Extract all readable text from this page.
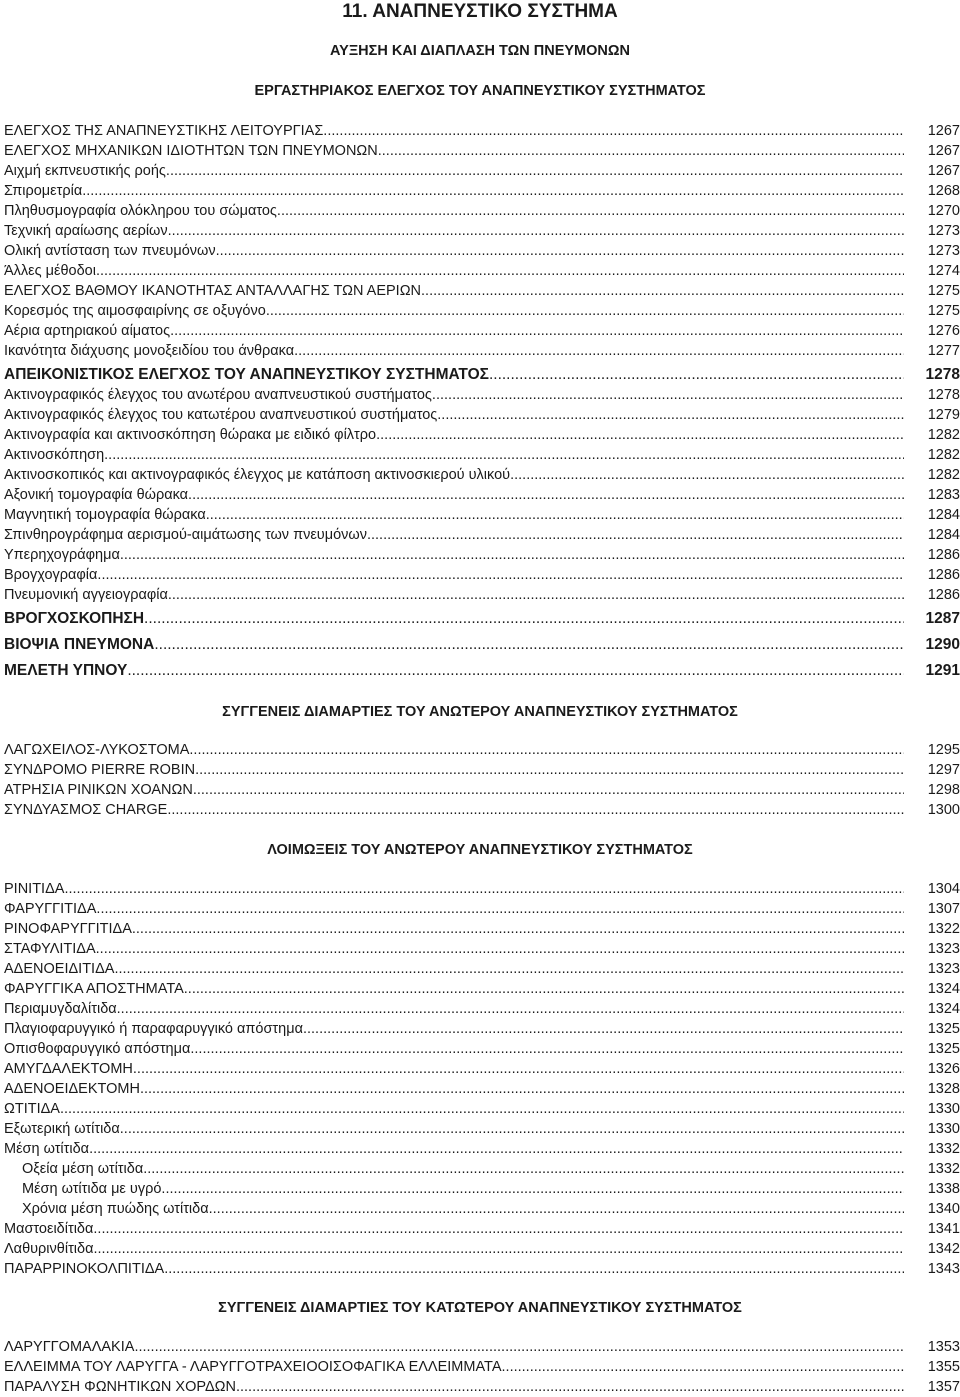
11. ΑΝΑΠΝΕΥΣΤΙΚΟ ΣΥΣΤΗΜΑ
ΑΥΞΗΣΗ ΚΑΙ ΔΙΑΠΛΑΣΗ ΤΩΝ ΠΝΕΥΜΟΝΩΝ
ΕΡΓΑΣΤΗΡΙΑΚΟΣ ΕΛΕΓΧΟΣ ΤΟΥ ΑΝΑΠΝΕΥΣΤΙΚΟΥ ΣΥΣΤΗΜΑΤΟΣ
ΕΛΕΓΧΟΣ ΤΗΣ ΑΝΑΠΝΕΥΣΤΙΚΗΣ ΛΕΙΤΟΥΡΓΙΑΣ .....	1267
ΕΛΕΓΧΟΣ ΜΗΧΑΝΙΚΩΝ ΙΔΙΟΤΗΤΩΝ ΤΩΝ ΠΝΕΥΜΟΝΩΝ .....	1267
Αιχμή εκπνευστικής ροής .....	1267
Σπιρομετρία .....	1268
Πληθυσμογραφία ολόκληρου του σώματος .....	1270
Τεχνική αραίωσης αερίων .....	1273
Ολική αντίσταση των πνευμόνων .....	1273
Άλλες μέθοδοι .....	1274
ΕΛΕΓΧΟΣ ΒΑΘΜΟΥ ΙΚΑΝΟΤΗΤΑΣ ΑΝΤΑΛΛΑΓΗΣ ΤΩΝ ΑΕΡΙΩΝ .....	1275
Κορεσμός της αιμοσφαιρίνης σε οξυγόνο .....	1275
Αέρια αρτηριακού αίματος .....	1276
Ικανότητα διάχυσης μονοξειδίου του άνθρακα .....	1277
ΑΠΕΙΚΟΝΙΣΤΙΚΟΣ ΕΛΕΓΧΟΣ ΤΟΥ ΑΝΑΠΝΕΥΣΤΙΚΟΥ ΣΥΣΤΗΜΑΤΟΣ .....	1278
Ακτινογραφικός έλεγχος του ανωτέρου αναπνευστικού συστήματος .....	1278
Ακτινογραφικός έλεγχος του κατωτέρου αναπνευστικού συστήματος .....	1279
Ακτινογραφία και ακτινοσκόπηση θώρακα με ειδικό φίλτρο .....	1282
Ακτινοσκόπηση .....	1282
Ακτινοσκοπικός και ακτινογραφικός έλεγχος με κατάποση ακτινοσκιερού υλικού .....	1282
Αξονική τομογραφία θώρακα .....	1283
Μαγνητική τομογραφία θώρακα .....	1284
Σπινθηρογράφημα αερισμού-αιμάτωσης των πνευμόνων .....	1284
Υπερηχογράφημα .....	1286
Βρογχογραφία .....	1286
Πνευμονική αγγειογραφία .....	1286
ΒΡΟΓΧΟΣΚΟΠΗΣΗ .....	1287
ΒΙΟΨΙΑ ΠΝΕΥΜΟΝΑ .....	1290
ΜΕΛΕΤΗ ΥΠΝΟΥ .....	1291
ΣΥΓΓΕΝΕΙΣ ΔΙΑΜΑΡΤΙΕΣ ΤΟΥ ΑΝΩΤΕΡΟΥ ΑΝΑΠΝΕΥΣΤΙΚΟΥ ΣΥΣΤΗΜΑΤΟΣ
ΛΑΓΩΧΕΙΛΟΣ-ΛΥΚΟΣΤΟΜΑ .....	1295
ΣΥΝΔΡΟΜΟ PIERRE ROBIN .....	1297
ΑΤΡΗΣΙΑ ΡΙΝΙΚΩΝ ΧΟΑΝΩΝ .....	1298
ΣΥΝΔΥΑΣΜΟΣ CHARGE .....	1300
ΛΟΙΜΩΞΕΙΣ ΤΟΥ ΑΝΩΤΕΡΟΥ ΑΝΑΠΝΕΥΣΤΙΚΟΥ ΣΥΣΤΗΜΑΤΟΣ
ΡΙΝΙΤΙΔΑ .....	1304
ΦΑΡΥΓΓΙΤΙΔΑ .....	1307
ΡΙΝΟΦΑΡΥΓΓΙΤΙΔΑ .....	1322
ΣΤΑΦΥΛΙΤΙΔΑ .....	1323
ΑΔΕΝΟΕΙΔΙΤΙΔΑ .....	1323
ΦΑΡΥΓΓΙΚΑ ΑΠΟΣΤΗΜΑΤΑ .....	1324
Περιαμυγδαλίτιδα .....	1324
Πλαγιοφαρυγγικό ή παραφαρυγγικό απόστημα .....	1325
Οπισθοφαρυγγικό απόστημα .....	1325
ΑΜΥΓΔΑΛΕΚΤΟΜΗ .....	1326
ΑΔΕΝΟΕΙΔΕΚΤΟΜΗ .....	1328
ΩΤΙΤΙΔΑ .....	1330
Εξωτερική ωτίτιδα .....	1330
Μέση ωτίτιδα .....	1332
Οξεία μέση ωτίτιδα .....	1332
Μέση ωτίτιδα με υγρό .....	1338
Χρόνια μέση πυώδης ωτίτιδα .....	1340
Μαστοειδίτιδα .....	1341
Λαθυρινθίτιδα .....	1342
ΠΑΡΑΡΡΙΝΟΚΟΛΠΙΤΙΔΑ .....	1343
ΣΥΓΓΕΝΕΙΣ ΔΙΑΜΑΡΤΙΕΣ ΤΟΥ ΚΑΤΩΤΕΡΟΥ ΑΝΑΠΝΕΥΣΤΙΚΟΥ ΣΥΣΤΗΜΑΤΟΣ
ΛΑΡΥΓΓΟΜΑΛΑΚΙΑ .....	1353
ΕΛΛΕΙΜΜΑ ΤΟΥ ΛΑΡΥΓΓΑ - ΛΑΡΥΓΓΟΤΡΑΧΕΙΟΟΙΣΟΦΑΓΙΚΑ ΕΛΛΕΙΜΜΑΤΑ .....	1355
ΠΑΡΑΛΥΣΗ ΦΩΝΗΤΙΚΩΝ ΧΟΡΔΩΝ .....	1357
